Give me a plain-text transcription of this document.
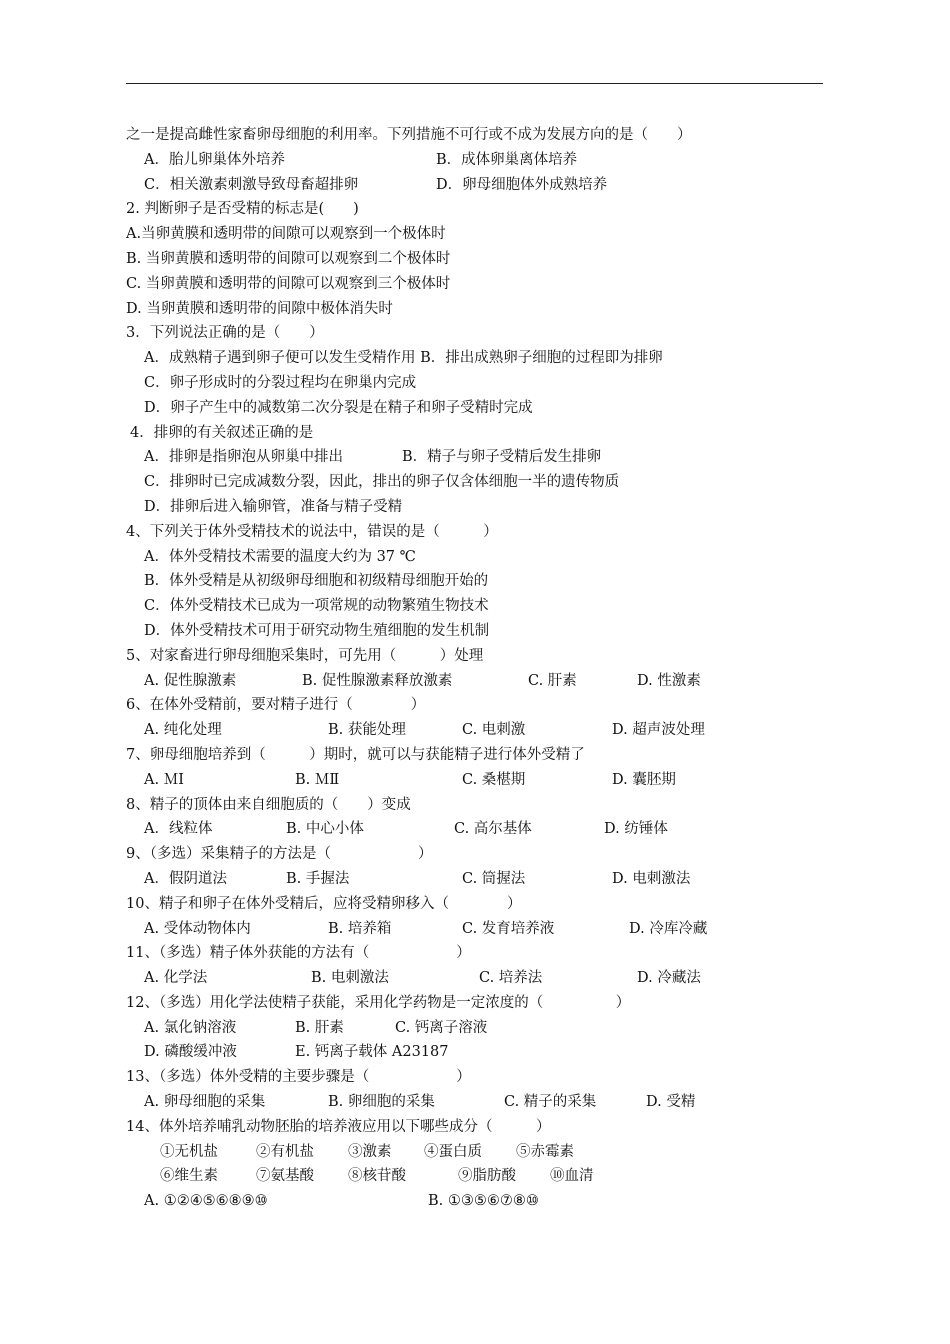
之一是提高雌性家畜卵母细胞的利用率。下列措施不可行或不成为发展方向的是（　　）
A．胎儿卵巢体外培养	B．成体卵巢离体培养
C．相关激素刺激导致母畜超排卵	D．卵母细胞体外成熟培养
2. 判断卵子是否受精的标志是(　　)
A.当卵黄膜和透明带的间隙可以观察到一个极体时
B. 当卵黄膜和透明带的间隙可以观察到二个极体时
C. 当卵黄膜和透明带的间隙可以观察到三个极体时
D. 当卵黄膜和透明带的间隙中极体消失时
3．下列说法正确的是（　　）
A．成熟精子遇到卵子便可以发生受精作用 B．排出成熟卵子细胞的过程即为排卵
C．卵子形成时的分裂过程均在卵巢内完成
D．卵子产生中的减数第二次分裂是在精子和卵子受精时完成
4．排卵的有关叙述正确的是
A．排卵是指卵泡从卵巢中排出	B．精子与卵子受精后发生排卵
C．排卵时已完成减数分裂，因此，排出的卵子仅含体细胞一半的遗传物质
D．排卵后进入输卵管，准备与精子受精
4、下列关于体外受精技术的说法中，错误的是（　　　）
A．体外受精技术需要的温度大约为 37 ℃
B．体外受精是从初级卵母细胞和初级精母细胞开始的
C．体外受精技术已成为一项常规的动物繁殖生物技术
D．体外受精技术可用于研究动物生殖细胞的发生机制
5、对家畜进行卵母细胞采集时，可先用（　　　）处理
A. 促性腺激素	B. 促性腺激素释放激素	C. 肝素	D. 性激素
6、在体外受精前，要对精子进行（　　　　）
A. 纯化处理	B. 获能处理	C. 电刺激	D. 超声波处理
7、卵母细胞培养到（　　　）期时，就可以与获能精子进行体外受精了
A. ＭⅠ	B. ＭⅡ	C. 桑椹期	D. 囊胚期
8、精子的顶体由来自细胞质的（　　）变成
A．线粒体	B. 中心小体	C. 高尔基体	D. 纺锤体
9、（多选）采集精子的方法是（　　　　　　）
A．假阴道法	B. 手握法	C. 筒握法	D. 电刺激法
10、精子和卵子在体外受精后，应将受精卵移入（　　　　）
A. 受体动物体内	B. 培养箱	C. 发育培养液	D. 冷库冷藏
11、（多选）精子体外获能的方法有（　　　　　　）
A. 化学法	B. 电刺激法	C. 培养法	D. 冷藏法
12、（多选）用化学法使精子获能，采用化学药物是一定浓度的（　　　　　）
A. 氯化钠溶液	B. 肝素	C. 钙离子溶液
D. 磷酸缓冲液	E. 钙离子载体 A23187
13、（多选）体外受精的主要步骤是（　　　　　　）
A. 卵母细胞的采集	B. 卵细胞的采集	C. 精子的采集	D. 受精
14、体外培养哺乳动物胚胎的培养液应用以下哪些成分（　　　）
①无机盐	②有机盐 ③激素 ④蛋白质 ⑤赤霉素
⑥维生素	⑦氨基酸 ⑧核苷酸	⑨脂肪酸 ⑩血清
A. ①②④⑤⑥⑧⑨⑩	B. ①③⑤⑥⑦⑧⑩
